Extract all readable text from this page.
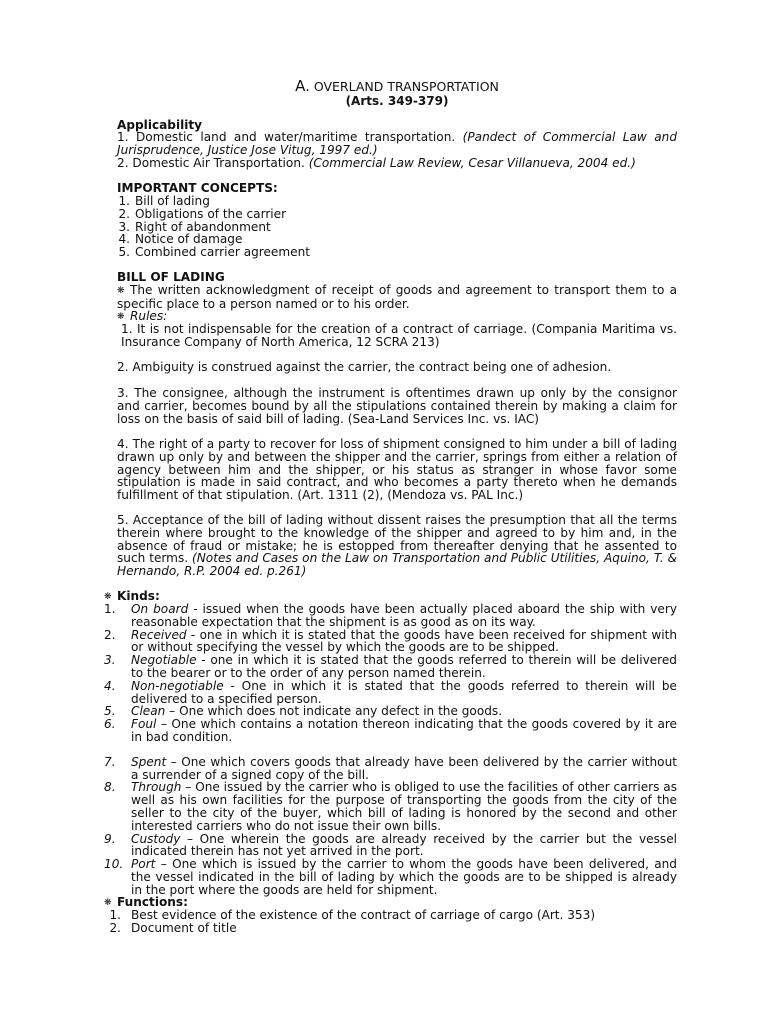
A. OVERLAND TRANSPORTATION
(Arts. 349-379)
Applicability
1. Domestic land and water/maritime transportation. (Pandect of Commercial Law and Jurisprudence, Justice Jose Vitug, 1997 ed.)
2. Domestic Air Transportation. (Commercial Law Review, Cesar Villanueva, 2004 ed.)
IMPORTANT CONCEPTS:
1. Bill of lading
2. Obligations of the carrier
3. Right of abandonment
4. Notice of damage
5. Combined carrier agreement
BILL OF LADING
❋ The written acknowledgment of receipt of goods and agreement to transport them to a specific place to a person named or to his order.
❋ Rules:
1. It is not indispensable for the creation of a contract of carriage. (Compania Maritima vs. Insurance Company of North America, 12 SCRA 213)
2. Ambiguity is construed against the carrier, the contract being one of adhesion.
3. The consignee, although the instrument is oftentimes drawn up only by the consignor and carrier, becomes bound by all the stipulations contained therein by making a claim for loss on the basis of said bill of lading. (Sea-Land Services Inc. vs. IAC)
4. The right of a party to recover for loss of shipment consigned to him under a bill of lading drawn up only by and between the shipper and the carrier, springs from either a relation of agency between him and the shipper, or his status as stranger in whose favor some stipulation is made in said contract, and who becomes a party thereto when he demands fulfillment of that stipulation. (Art. 1311 (2), (Mendoza vs. PAL Inc.)
5. Acceptance of the bill of lading without dissent raises the presumption that all the terms therein where brought to the knowledge of the shipper and agreed to by him and, in the absence of fraud or mistake; he is estopped from thereafter denying that he assented to such terms. (Notes and Cases on the Law on Transportation and Public Utilities, Aquino, T. & Hernando, R.P. 2004 ed. p.261)
❋ Kinds:
1.	On board - issued when the goods have been actually placed aboard the ship with very reasonable expectation that the shipment is as good as on its way.
2.	Received - one in which it is stated that the goods have been received for shipment with or without specifying the vessel by which the goods are to be shipped.
3.	Negotiable - one in which it is stated that the goods referred to therein will be delivered to the bearer or to the order of any person named therein.
4.	Non-negotiable - One in which it is stated that the goods referred to therein will be delivered to a specified person.
5.	Clean – One which does not indicate any defect in the goods.
6.	Foul – One which contains a notation thereon indicating that the goods covered by it are in bad condition.
7.	Spent – One which covers goods that already have been delivered by the carrier without a surrender of a signed copy of the bill.
8.	Through – One issued by the carrier who is obliged to use the facilities of other carriers as well as his own facilities for the purpose of transporting the goods from the city of the seller to the city of the buyer, which bill of lading is honored by the second and other interested carriers who do not issue their own bills.
9.	Custody – One wherein the goods are already received by the carrier but the vessel indicated therein has not yet arrived in the port.
10. Port – One which is issued by the carrier to whom the goods have been delivered, and the vessel indicated in the bill of lading by which the goods are to be shipped is already in the port where the goods are held for shipment.
❋ Functions:
1. Best evidence of the existence of the contract of carriage of cargo (Art. 353)
2. Document of title
